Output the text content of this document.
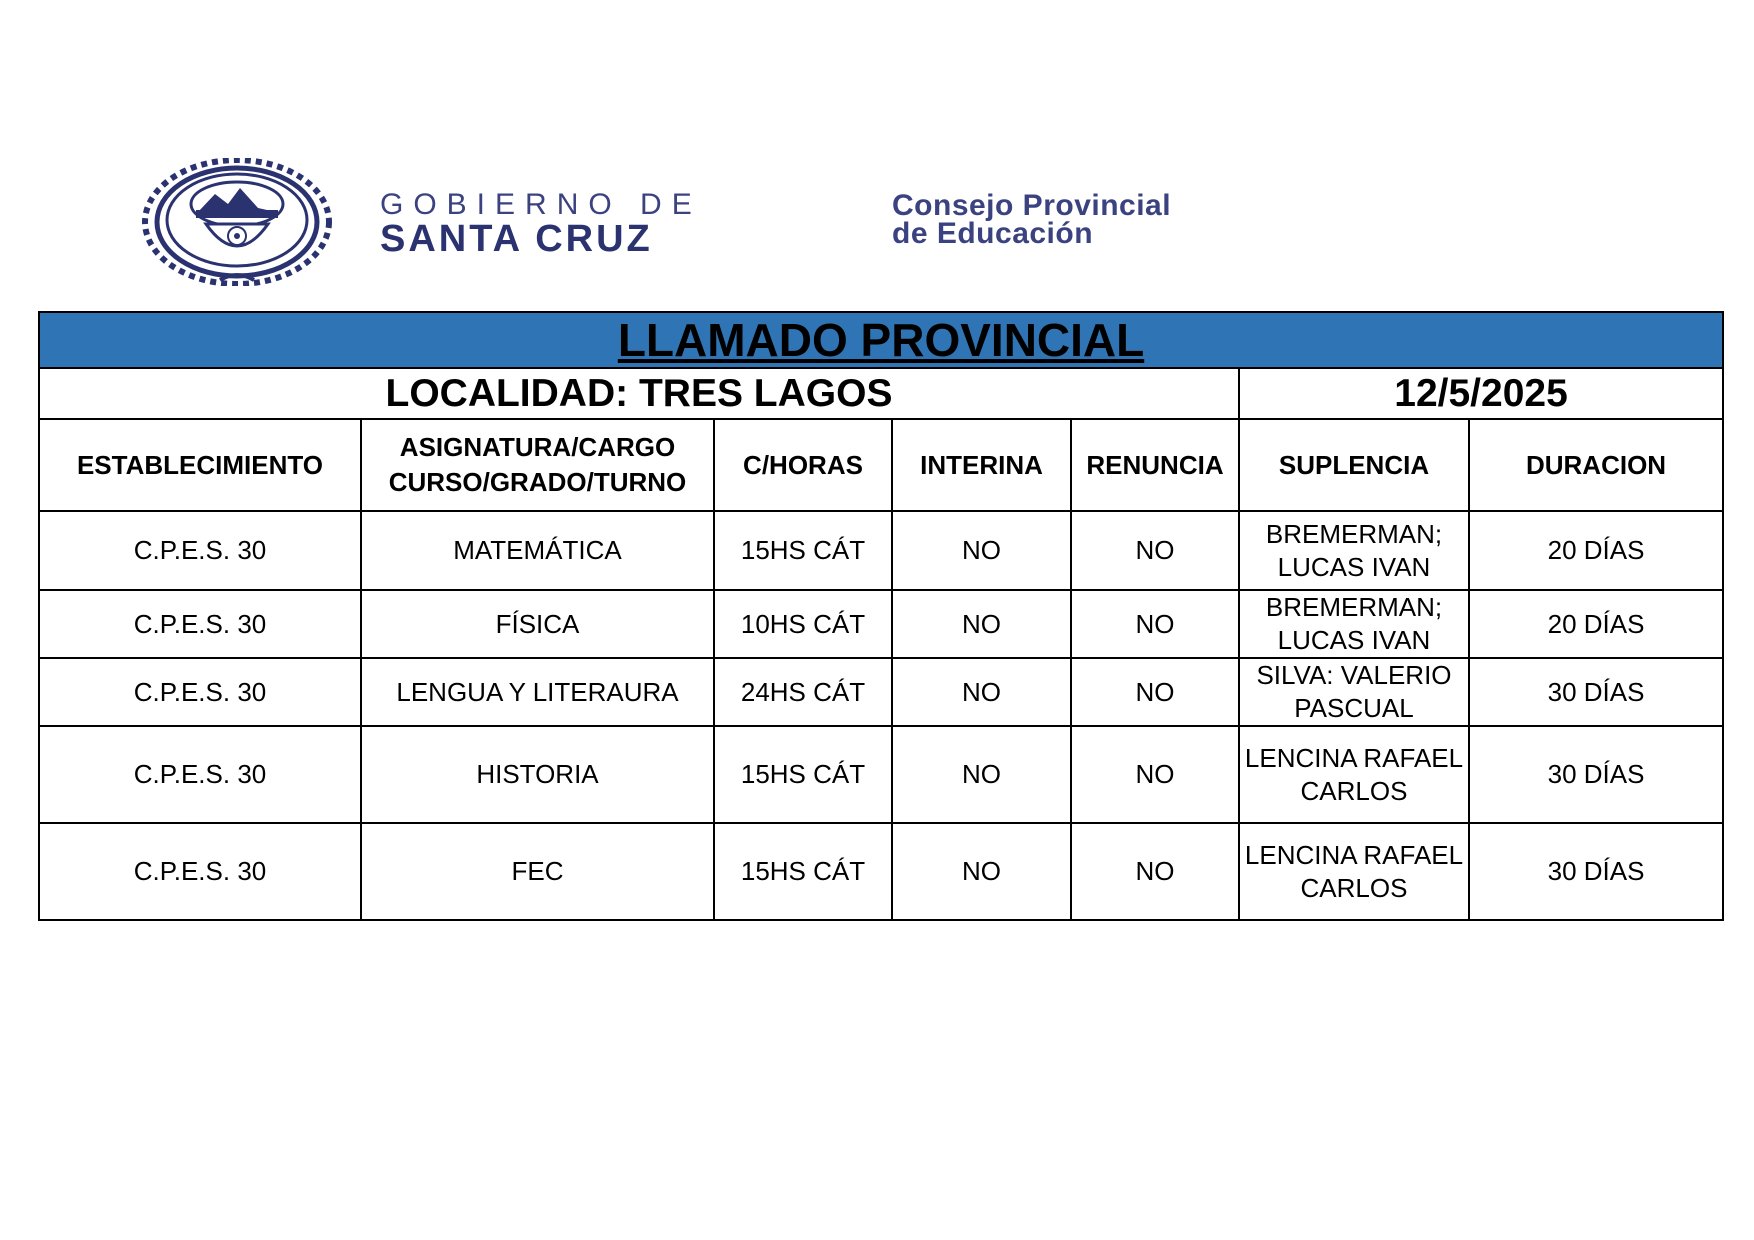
GOBIERNO DE
SANTA CRUZ
Consejo Provincial
de Educación
LLAMADO PROVINCIAL						
LOCALIDAD: TRES LAGOS					12/5/2025	
ESTABLECIMIENTO	ASIGNATURA/CARGO CURSO/GRADO/TURNO	C/HORAS	INTERINA	RENUNCIA	SUPLENCIA	DURACION
C.P.E.S. 30	MATEMÁTICA	15HS CÁT	NO	NO	BREMERMAN; LUCAS IVAN	20 DÍAS
C.P.E.S. 30	FÍSICA	10HS CÁT	NO	NO	BREMERMAN; LUCAS IVAN	20 DÍAS
C.P.E.S. 30	LENGUA Y LITERAURA	24HS CÁT	NO	NO	SILVA: VALERIO PASCUAL	30 DÍAS
C.P.E.S. 30	HISTORIA	15HS CÁT	NO	NO	LENCINA RAFAEL CARLOS	30 DÍAS
C.P.E.S. 30	FEC	15HS CÁT	NO	NO	LENCINA RAFAEL CARLOS	30 DÍAS
